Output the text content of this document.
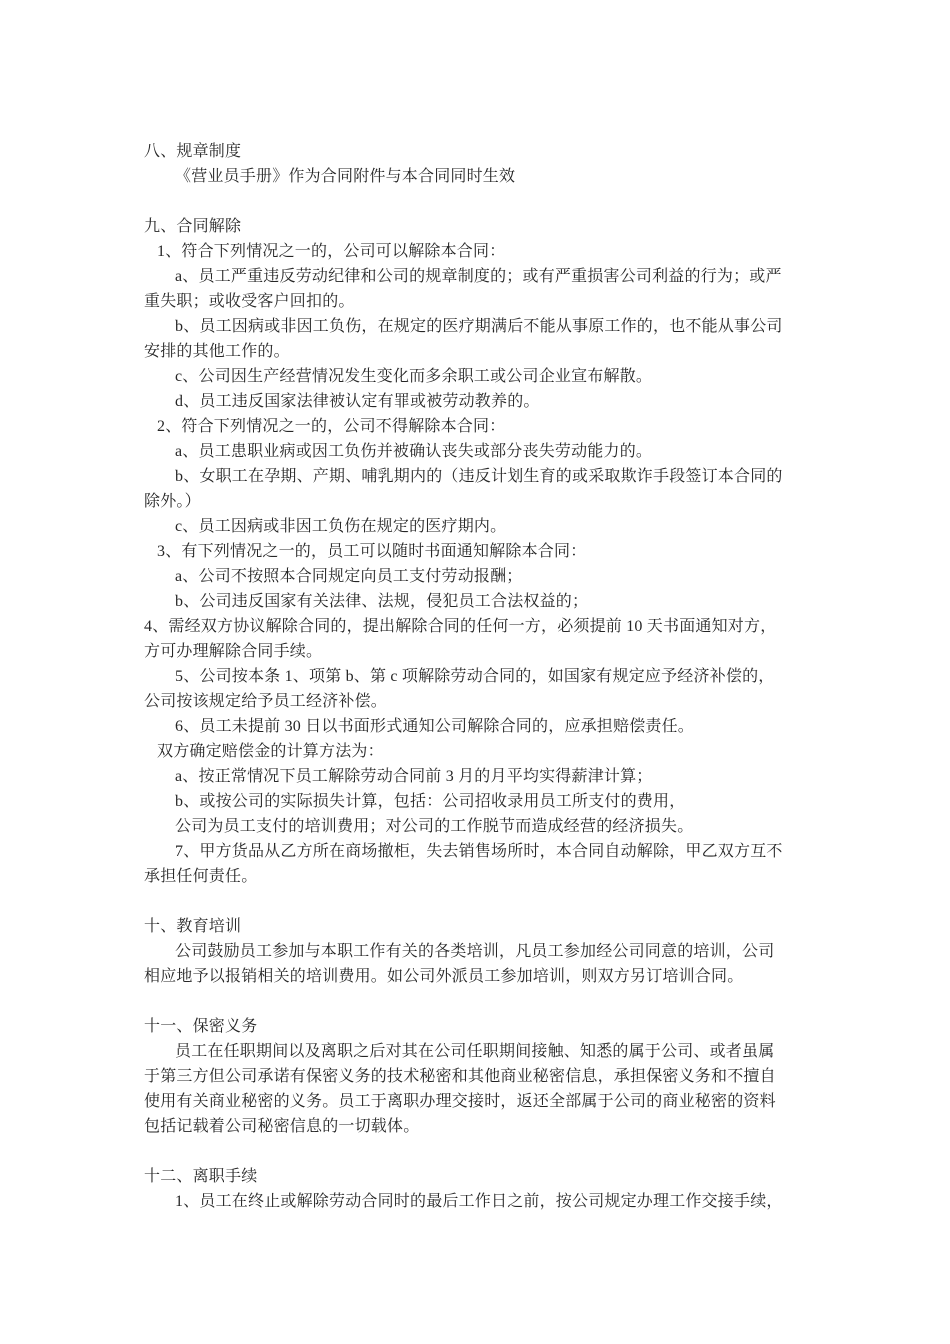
八、规章制度
《营业员手册》作为合同附件与本合同同时生效

九、合同解除
1、符合下列情况之一的，公司可以解除本合同：
a、员工严重违反劳动纪律和公司的规章制度的；或有严重损害公司利益的行为；或严
重失职；或收受客户回扣的。
b、员工因病或非因工负伤，在规定的医疗期满后不能从事原工作的，也不能从事公司
安排的其他工作的。
c、公司因生产经营情况发生变化而多余职工或公司企业宣布解散。
d、员工违反国家法律被认定有罪或被劳动教养的。
2、符合下列情况之一的，公司不得解除本合同：
a、员工患职业病或因工负伤并被确认丧失或部分丧失劳动能力的。
b、女职工在孕期、产期、哺乳期内的（违反计划生育的或采取欺诈手段签订本合同的
除外。）
c、员工因病或非因工负伤在规定的医疗期内。
3、有下列情况之一的，员工可以随时书面通知解除本合同：
a、公司不按照本合同规定向员工支付劳动报酬；
b、公司违反国家有关法律、法规，侵犯员工合法权益的；
4、需经双方协议解除合同的，提出解除合同的任何一方，必须提前 10 天书面通知对方，
方可办理解除合同手续。
5、公司按本条 1、项第 b、第 c 项解除劳动合同的，如国家有规定应予经济补偿的，
公司按该规定给予员工经济补偿。
6、员工未提前 30 日以书面形式通知公司解除合同的，应承担赔偿责任。
双方确定赔偿金的计算方法为：
a、按正常情况下员工解除劳动合同前 3 月的月平均实得薪津计算；
b、或按公司的实际损失计算，包括：公司招收录用员工所支付的费用，
公司为员工支付的培训费用；对公司的工作脱节而造成经营的经济损失。
7、甲方货品从乙方所在商场撤柜，失去销售场所时，本合同自动解除，甲乙双方互不
承担任何责任。

十、教育培训
公司鼓励员工参加与本职工作有关的各类培训，凡员工参加经公司同意的培训，公司
相应地予以报销相关的培训费用。如公司外派员工参加培训，则双方另订培训合同。

十一、保密义务
员工在任职期间以及离职之后对其在公司任职期间接触、知悉的属于公司、或者虽属
于第三方但公司承诺有保密义务的技术秘密和其他商业秘密信息，承担保密义务和不擅自
使用有关商业秘密的义务。员工于离职办理交接时，返还全部属于公司的商业秘密的资料
包括记载着公司秘密信息的一切载体。

十二、离职手续
1、员工在终止或解除劳动合同时的最后工作日之前，按公司规定办理工作交接手续，
